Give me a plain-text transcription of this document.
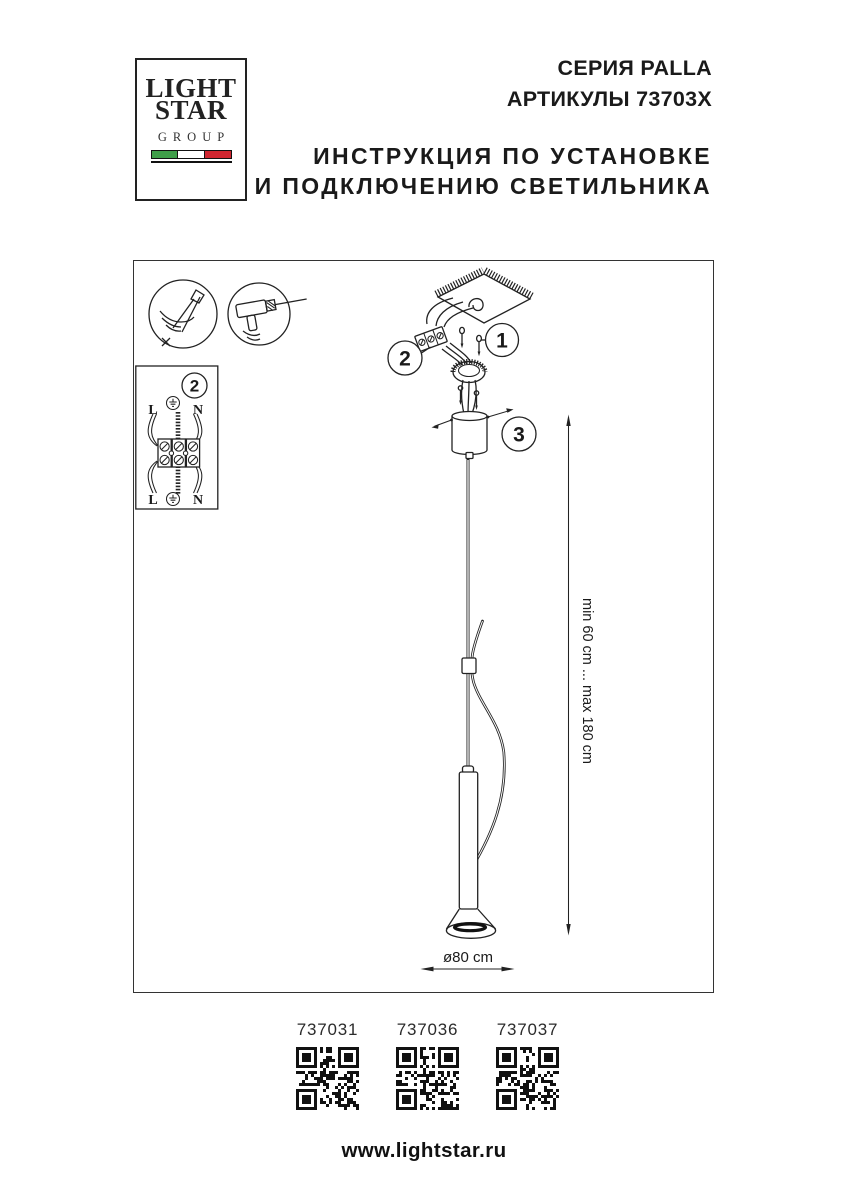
LIGHT
STAR
GROUP
СЕРИЯ PALLA
АРТИКУЛЫ 73703X
ИНСТРУКЦИЯ ПО УСТАНОВКЕ
И ПОДКЛЮЧЕНИЮ СВЕТИЛЬНИКА
2
L	N
L	N
2
1
3
min 60 cm ... max 180 cm
ø80 cm
737031 737036 737037
www.lightstar.ru
